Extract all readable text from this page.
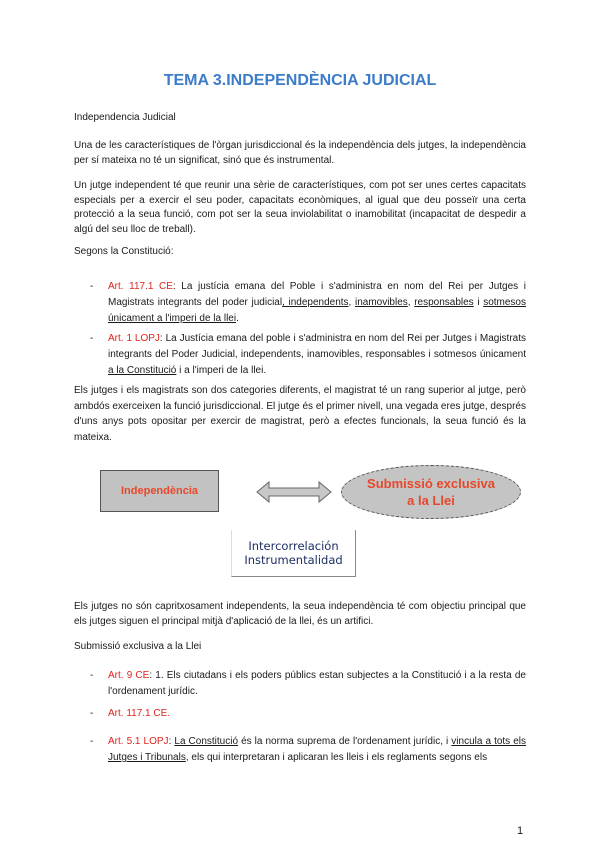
TEMA 3.INDEPENDÈNCIA JUDICIAL
Independencia Judicial
Una de les característiques de l'òrgan jurisdiccional és la independència dels jutges, la independència per sí mateixa no té un significat, sinó que és instrumental.
Un jutge independent té que reunir una sèrie de característiques, com pot ser unes certes capacitats especials per a exercir el seu poder, capacitats econòmiques, al igual que deu posseïr una certa protecció a la seua funció, com pot ser la seua inviolabilitat o inamobilitat (incapacitat de despedir a algú del seu lloc de treball).
Segons la Constitució:
- Art. 117.1 CE: La justícia emana del Poble i s'administra en nom del Rei per Jutges i Magistrats integrants del poder judicial, independents, inamovibles, responsables i sotmesos únicament a l'imperi de la llei.
- Art. 1 LOPJ: La Justícia emana del poble i s'administra en nom del Rei per Jutges i Magistrats integrants del Poder Judicial, independents, inamovibles, responsables i sotmesos únicament a la Constitució i a l'imperi de la llei.
Els jutges i els magistrats son dos categories diferents, el magistrat té un rang superior al jutge, però ambdós exerceixen la funció jurisdiccional. El jutge és el primer nivell, una vegada eres jutge, després d'uns anys pots opositar per exercir de magistrat, però a efectes funcionals, la seua funció és la mateixa.
Independència	Submissió exclusiva
a la Llei
Intercorrelación
Instrumentalidad
Els jutges no són capritxosament independents, la seua independència té com objectiu principal que els jutges siguen el principal mitjà d'aplicació de la llei, és un artifici.
Submissió exclusiva a la Llei
- Art. 9 CE: 1. Els ciutadans i els poders públics estan subjectes a la Constitució i a la resta de l'ordenament jurídic.
- Art. 117.1 CE.
- Art. 5.1 LOPJ: La Constitució és la norma suprema de l'ordenament jurídic, i vincula a tots els Jutges i Tribunals, els qui interpretaran i aplicaran les lleis i els reglaments segons els
1
